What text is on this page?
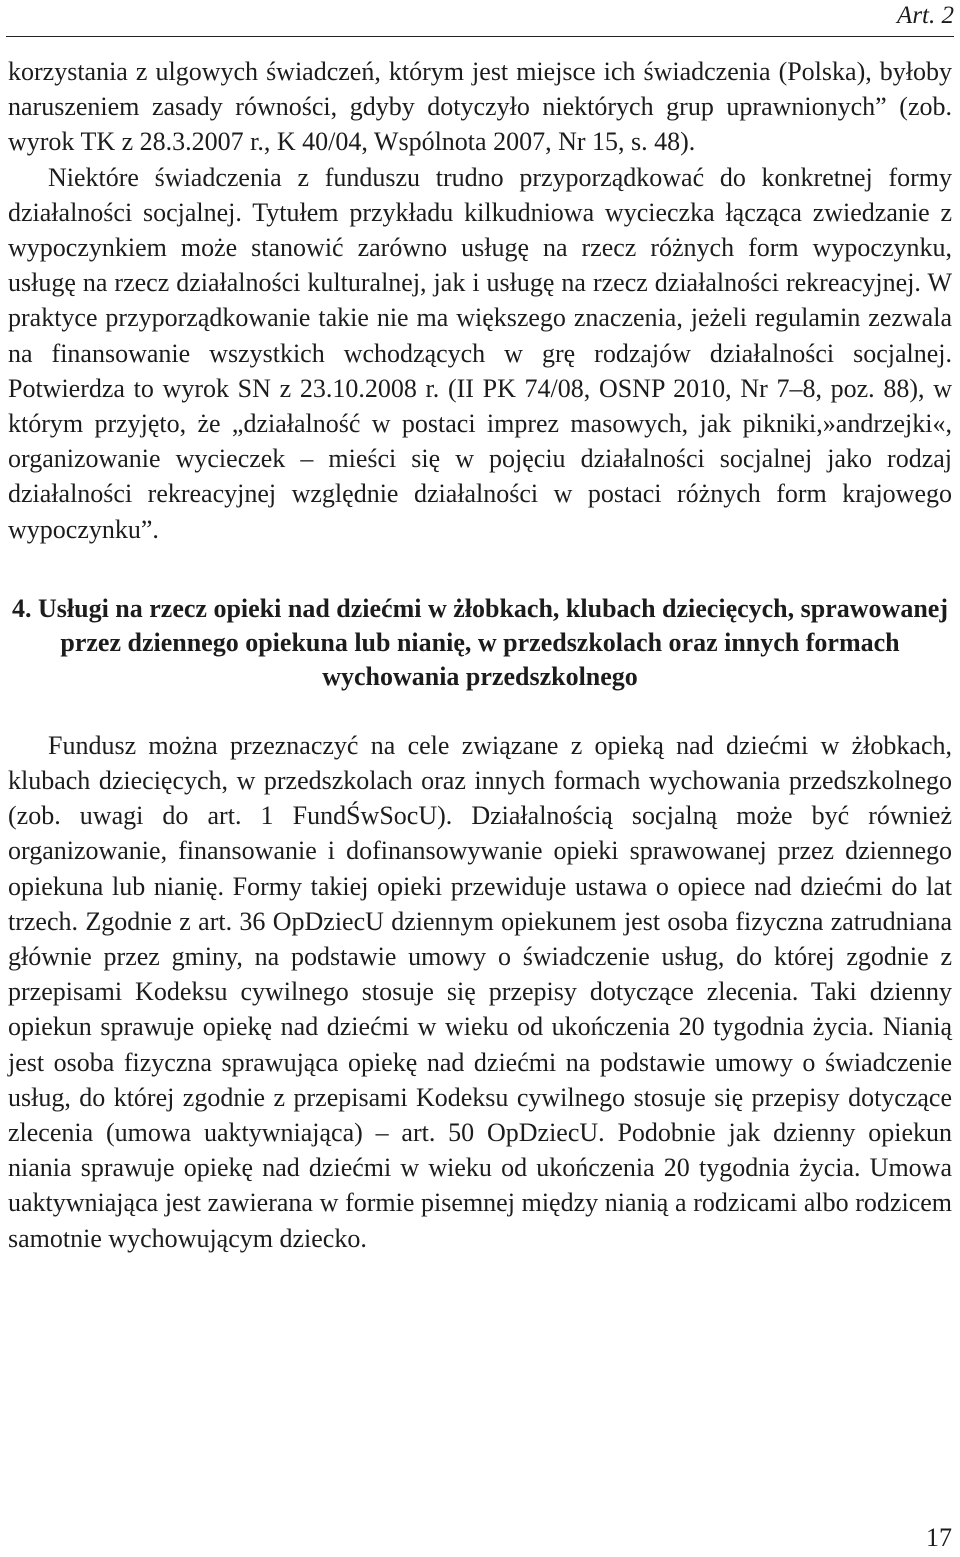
Art. 2

korzystania z ulgowych świadczeń, którym jest miejsce ich świadczenia (Polska), byłoby naruszeniem zasady równości, gdyby dotyczyło niektórych grup uprawnionych” (zob. wyrok TK z 28.3.2007 r., K 40/04, Wspólnota 2007, Nr 15, s. 48).

Niektóre świadczenia z funduszu trudno przyporządkować do konkretnej formy działalności socjalnej. Tytułem przykładu kilkudniowa wycieczka łącząca zwiedzanie z wypoczynkiem może stanowić zarówno usługę na rzecz różnych form wypoczynku, usługę na rzecz działalności kulturalnej, jak i usługę na rzecz działalności rekreacyjnej. W praktyce przyporządkowanie takie nie ma większego znaczenia, jeżeli regulamin zezwala na finansowanie wszystkich wchodzących w grę rodzajów działalności socjalnej. Potwierdza to wyrok SN z 23.10.2008 r. (II PK 74/08, OSNP 2010, Nr 7–8, poz. 88), w którym przyjęto, że „działalność w postaci imprez masowych, jak pikniki,»andrzejki«, organizowanie wycieczek – mieści się w pojęciu działalności socjalnej jako rodzaj działalności rekreacyjnej względnie działalności w postaci różnych form krajowego wypoczynku”.

4. Usługi na rzecz opieki nad dziećmi w żłobkach, klubach dziecięcych, sprawowanej przez dziennego opiekuna lub nianię, w przedszkolach oraz innych formach wychowania przedszkolnego

Fundusz można przeznaczyć na cele związane z opieką nad dziećmi w żłobkach, klubach dziecięcych, w przedszkolach oraz innych formach wychowania przedszkolnego (zob. uwagi do art. 1 FundŚwSocU). Działalnością socjalną może być również organizowanie, finansowanie i dofinansowywanie opieki sprawowanej przez dziennego opiekuna lub nianię. Formy takiej opieki przewiduje ustawa o opiece nad dziećmi do lat trzech. Zgodnie z art. 36 OpDziecU dziennym opiekunem jest osoba fizyczna zatrudniana głównie przez gminy, na podstawie umowy o świadczenie usług, do której zgodnie z przepisami Kodeksu cywilnego stosuje się przepisy dotyczące zlecenia. Taki dzienny opiekun sprawuje opiekę nad dziećmi w wieku od ukończenia 20 tygodnia życia. Nianią jest osoba fizyczna sprawująca opiekę nad dziećmi na podstawie umowy o świadczenie usług, do której zgodnie z przepisami Kodeksu cywilnego stosuje się przepisy dotyczące zlecenia (umowa uaktywniająca) – art. 50 OpDziecU. Podobnie jak dzienny opiekun niania sprawuje opiekę nad dziećmi w wieku od ukończenia 20 tygodnia życia. Umowa uaktywniająca jest zawierana w formie pisemnej między nianią a rodzicami albo rodzicem samotnie wychowującym dziecko.

17
